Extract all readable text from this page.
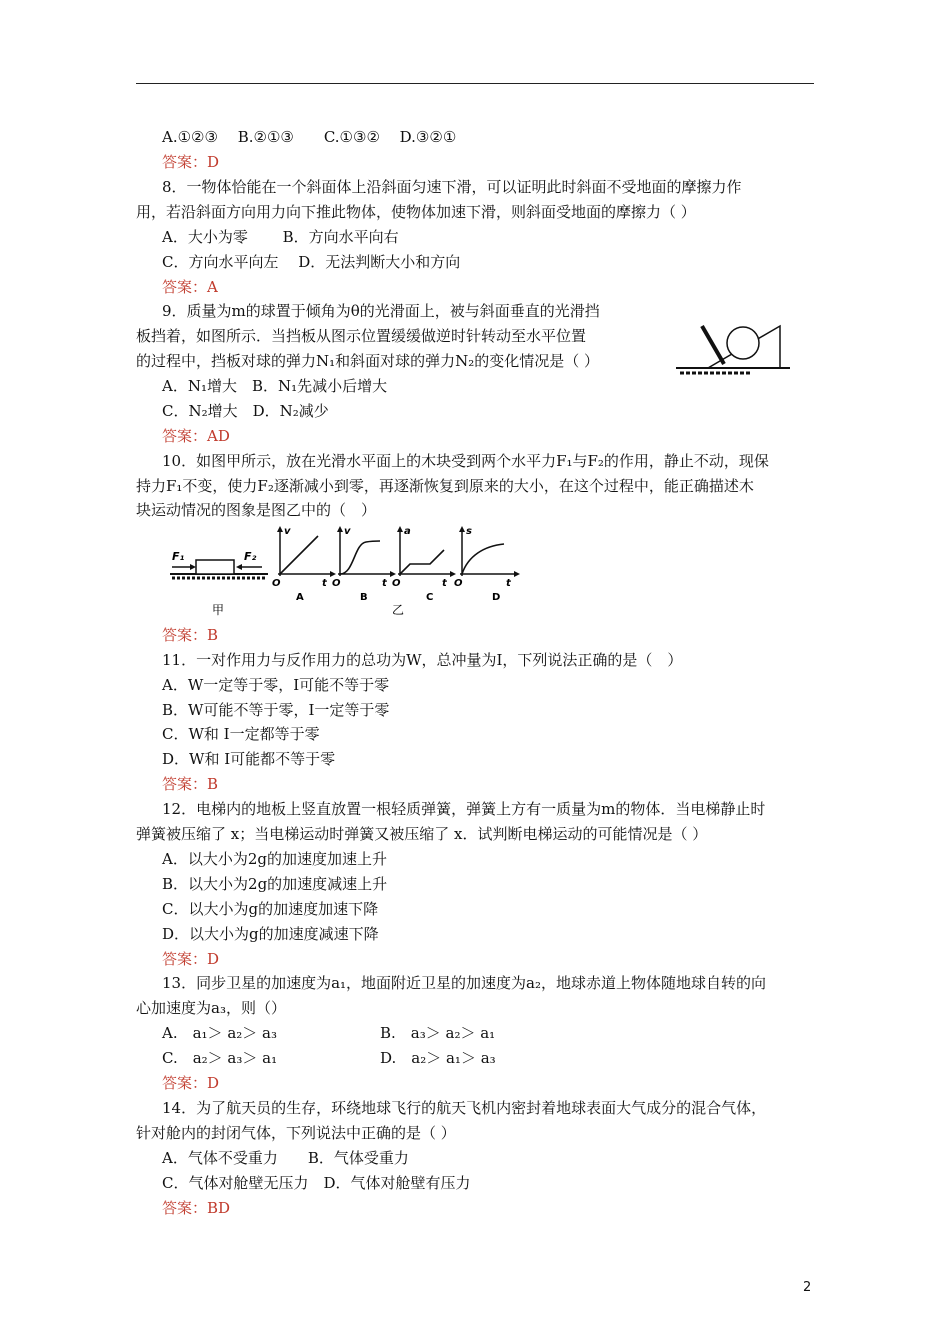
A.①②③　 B.②①③　　C.①③②　 D.③②①
答案：D
8．一物体恰能在一个斜面体上沿斜面匀速下滑，可以证明此时斜面不受地面的摩擦力作
用，若沿斜面方向用力向下推此物体，使物体加速下滑，则斜面受地面的摩擦力（ ）
A．大小为零　　 B．方向水平向右
C．方向水平向左　 D．无法判断大小和方向
答案：A
9．质量为m的球置于倾角为θ的光滑面上，被与斜面垂直的光滑挡
板挡着，如图所示．当挡板从图示位置缓缓做逆时针转动至水平位置
的过程中，挡板对球的弹力N₁和斜面对球的弹力N₂的变化情况是（ ）
A．N₁增大　B．N₁先减小后增大
C．N₂增大　D．N₂减少
答案：AD
10．如图甲所示，放在光滑水平面上的木块受到两个水平力F₁与F₂的作用，静止不动，现保
持力F₁不变，使力F₂逐渐减小到零，再逐渐恢复到原来的大小，在这个过程中，能正确描述木
块运动情况的图象是图乙中的（　）
F₁	F₂
甲
v
O	t
A
v
O	t
B
乙
a
O	t
C
s
O	t
D
答案：B
11．一对作用力与反作用力的总功为W，总冲量为I，下列说法正确的是（　）
A．W一定等于零，I可能不等于零
B．W可能不等于零，I一定等于零
C．W和 I一定都等于零
D．W和 I可能都不等于零
答案：B
12．电梯内的地板上竖直放置一根轻质弹簧，弹簧上方有一质量为m的物体．当电梯静止时
弹簧被压缩了 x；当电梯运动时弹簧又被压缩了 x．试判断电梯运动的可能情况是（ ）
A．以大小为2g的加速度加速上升
B．以大小为2g的加速度减速上升
C．以大小为g的加速度加速下降
D．以大小为g的加速度减速下降
答案：D
13．同步卫星的加速度为a₁，地面附近卫星的加速度为a₂，地球赤道上物体随地球自转的向
心加速度为a₃，则（）
A.　a₁＞ a₂＞ a₃	B.　a₃＞ a₂＞ a₁
C.　a₂＞ a₃＞ a₁	D.　a₂＞ a₁＞ a₃
答案：D
14．为了航天员的生存，环绕地球飞行的航天飞机内密封着地球表面大气成分的混合气体，
针对舱内的封闭气体，下列说法中正确的是（ ）
A．气体不受重力　　B．气体受重力
C．气体对舱壁无压力　D．气体对舱壁有压力
答案：BD
2
